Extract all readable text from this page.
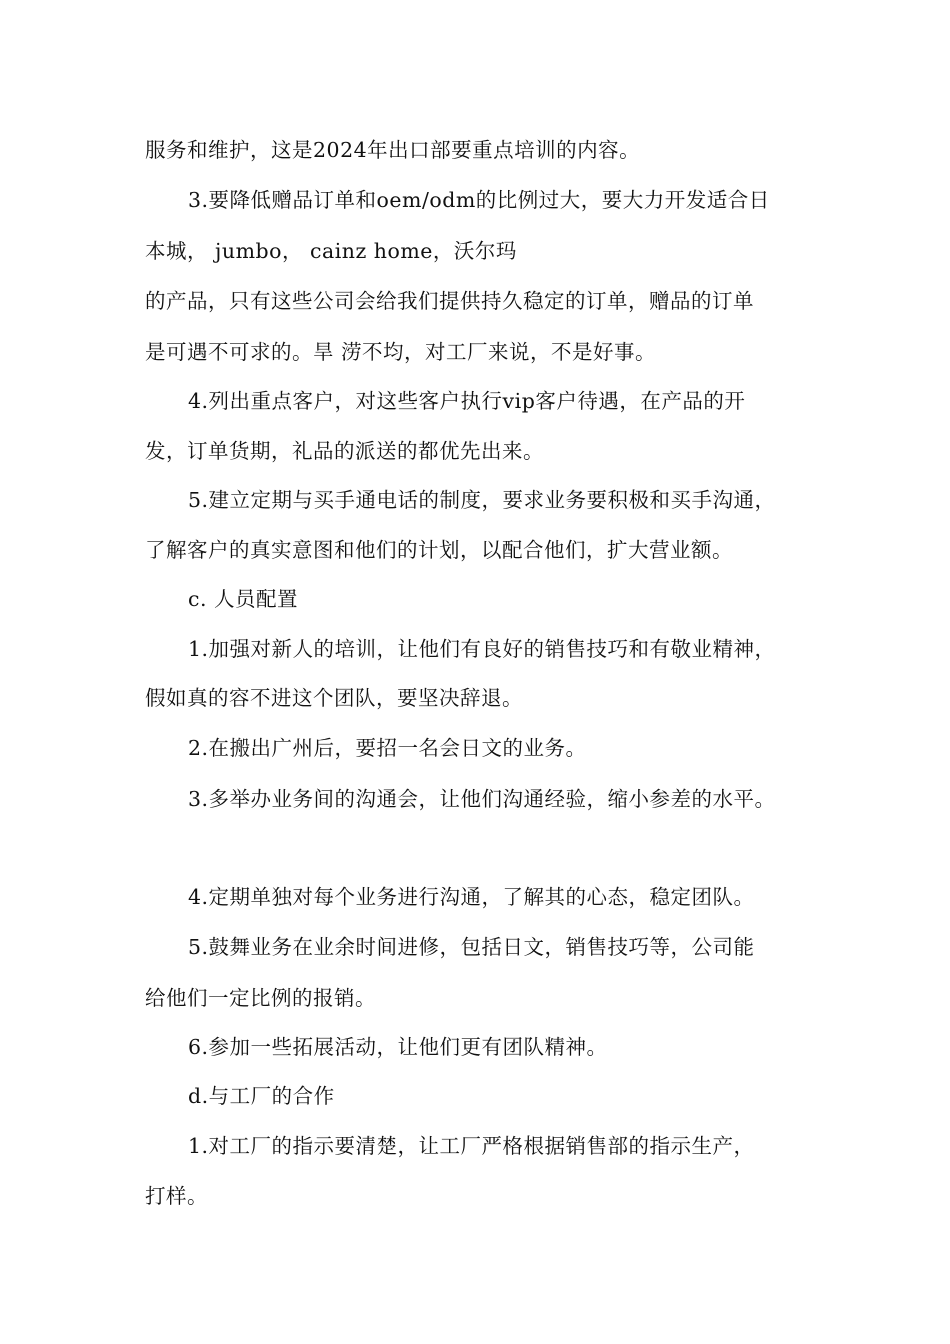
服务和维护，这是2024年出口部要重点培训的内容。
3.要降低赠品订单和oem/odm的比例过大，要大力开发适合日
本城， jumbo， cainz home，沃尔玛
的产品，只有这些公司会给我们提供持久稳定的订单，赠品的订单
是可遇不可求的。旱 涝不均，对工厂来说，不是好事。
4.列出重点客户，对这些客户执行vip客户待遇，在产品的开
发，订单货期，礼品的派送的都优先出来。
5.建立定期与买手通电话的制度，要求业务要积极和买手沟通，
了解客户的真实意图和他们的计划，以配合他们，扩大营业额。
c. 人员配置
1.加强对新人的培训，让他们有良好的销售技巧和有敬业精神，
假如真的容不进这个团队，要坚决辞退。
2.在搬出广州后，要招一名会日文的业务。
3.多举办业务间的沟通会，让他们沟通经验，缩小参差的水平。
4.定期单独对每个业务进行沟通，了解其的心态，稳定团队。
5.鼓舞业务在业余时间进修，包括日文，销售技巧等，公司能
给他们一定比例的报销。
6.参加一些拓展活动，让他们更有团队精神。
d.与工厂的合作
1.对工厂的指示要清楚，让工厂严格根据销售部的指示生产，
打样。
